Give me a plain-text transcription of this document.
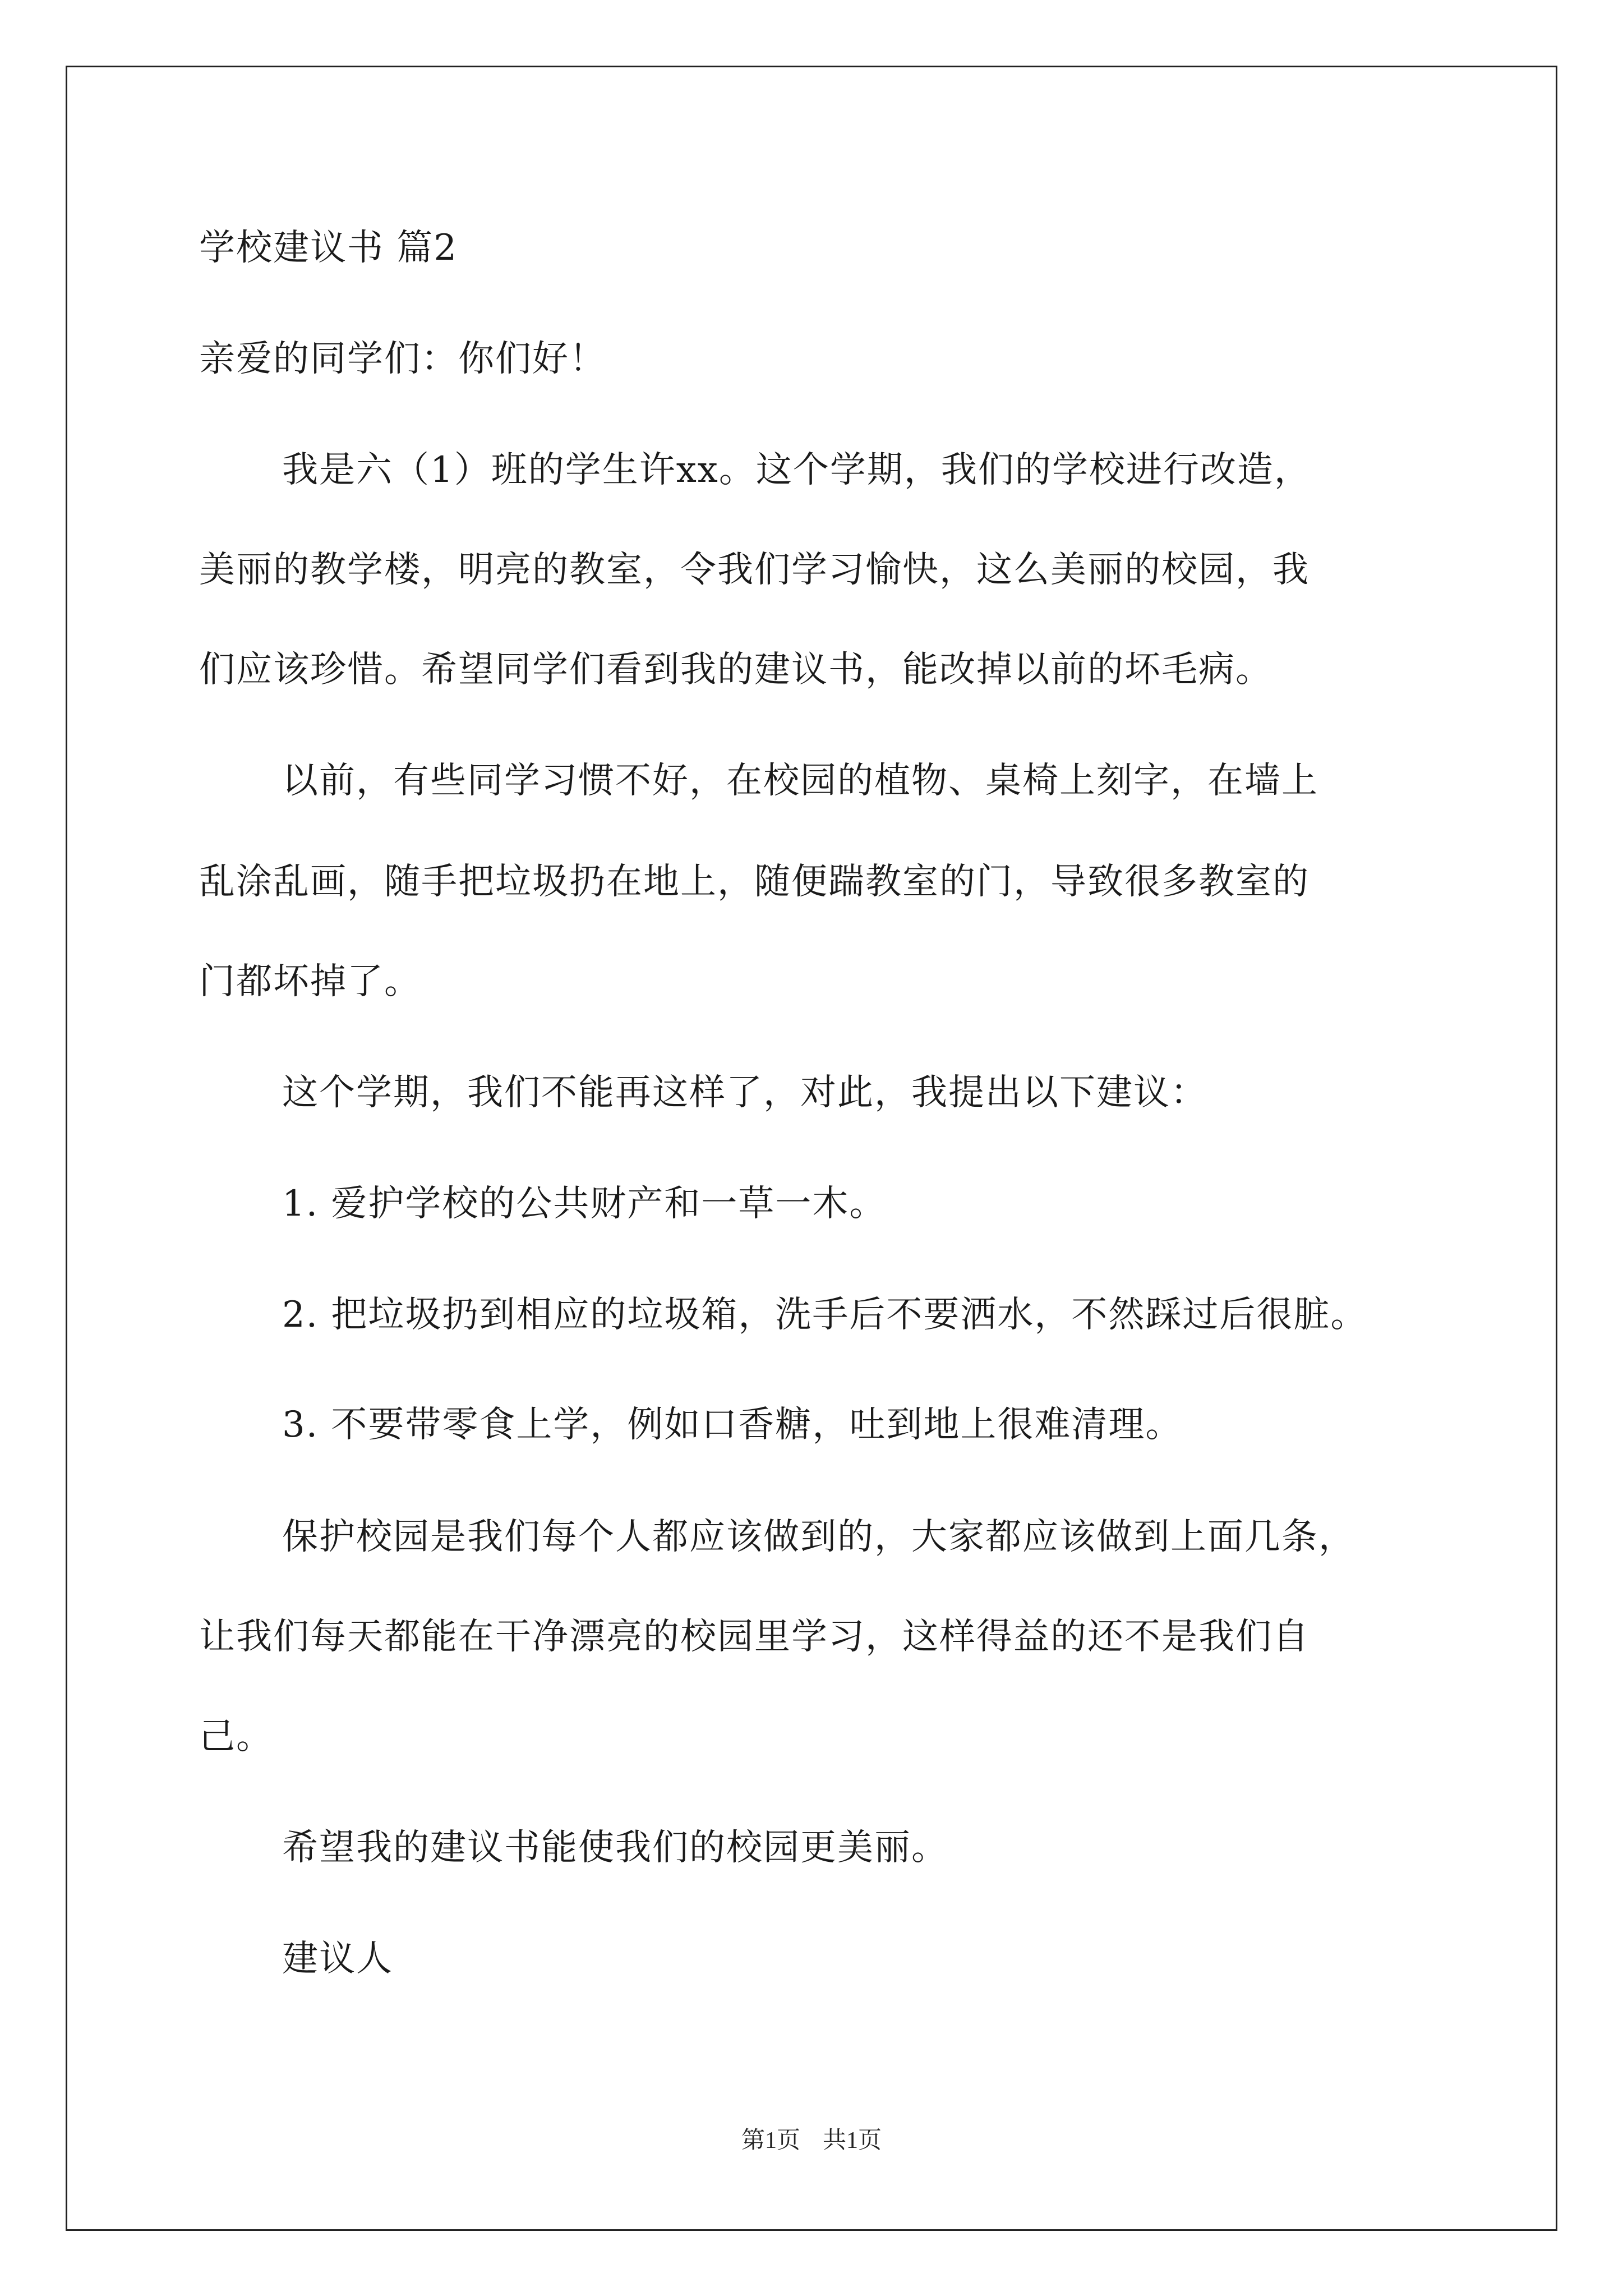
学校建议书 篇2
亲爱的同学们：你们好！
我是六（1）班的学生许xx。这个学期，我们的学校进行改造，
美丽的教学楼，明亮的教室，令我们学习愉快，这么美丽的校园，我
们应该珍惜。希望同学们看到我的建议书，能改掉以前的坏毛病。
以前，有些同学习惯不好，在校园的植物、桌椅上刻字，在墙上
乱涂乱画，随手把垃圾扔在地上，随便踹教室的门，导致很多教室的
门都坏掉了。
这个学期，我们不能再这样了，对此，我提出以下建议：
1. 爱护学校的公共财产和一草一木。
2. 把垃圾扔到相应的垃圾箱，洗手后不要洒水，不然踩过后很脏。
3. 不要带零食上学，例如口香糖，吐到地上很难清理。
保护校园是我们每个人都应该做到的，大家都应该做到上面几条，
让我们每天都能在干净漂亮的校园里学习，这样得益的还不是我们自
己。
希望我的建议书能使我们的校园更美丽。
建议人
第1页 共1页
